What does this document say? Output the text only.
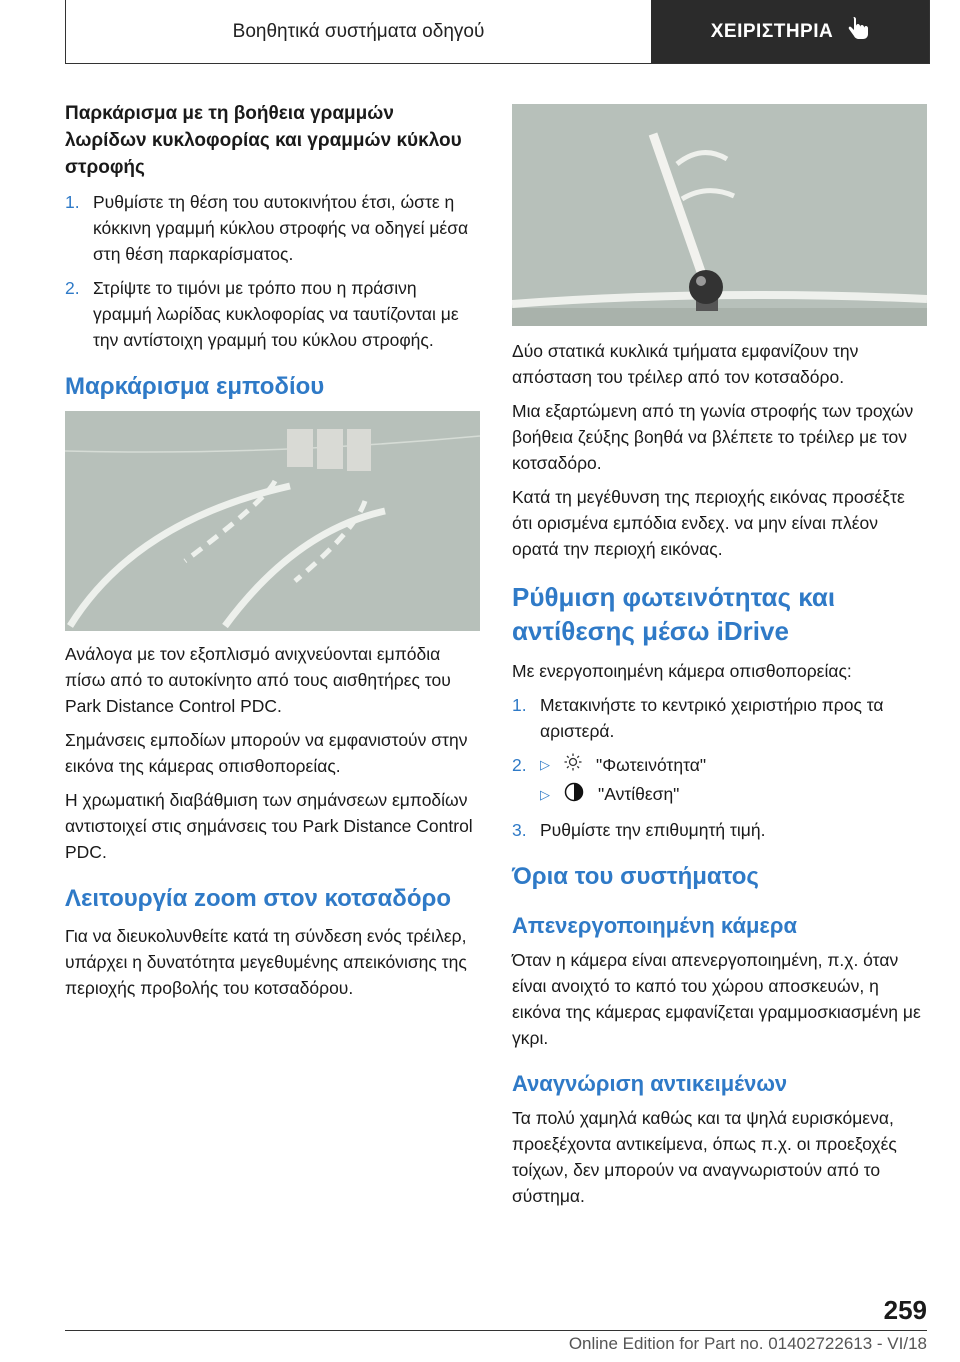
Βοηθητικά συστήματα οδηγού	ΧΕΙΡΙΣΤΗΡΙΑ
Παρκάρισμα με τη βοήθεια γραμμών λωρίδων κυκλοφορίας και γραμμών κύκλου στροφής
1. Ρυθμίστε τη θέση του αυτοκινήτου έτσι, ώστε η κόκκινη γραμμή κύκλου στροφής να οδηγεί μέσα στη θέση παρκαρίσματος.
2. Στρίψτε το τιμόνι με τρόπο που η πράσινη γραμμή λωρίδας κυκλοφορίας να ταυτίζονται με την αντίστοιχη γραμμή του κύκλου στροφής.
Μαρκάρισμα εμποδίου

Ανάλογα με τον εξοπλισμό ανιχνεύονται εμπόδια πίσω από το αυτοκίνητο από τους αισθητήρες του Park Distance Control PDC.

Σημάνσεις εμποδίων μπορούν να εμφανιστούν στην εικόνα της κάμερας οπισθοπορείας.

Η χρωματική διαβάθμιση των σημάνσεων εμποδίων αντιστοιχεί στις σημάνσεις του Park Distance Control PDC.

Λειτουργία zoom στον κοτσαδόρο

Για να διευκολυνθείτε κατά τη σύνδεση ενός τρέιλερ, υπάρχει η δυνατότητα μεγεθυμένης απεικόνισης της περιοχής προβολής του κοτσαδόρου.

Δύο στατικά κυκλικά τμήματα εμφανίζουν την απόσταση του τρέιλερ από τον κοτσαδόρο.

Μια εξαρτώμενη από τη γωνία στροφής των τροχών βοήθεια ζεύξης βοηθά να βλέπετε το τρέιλερ με τον κοτσαδόρο.

Κατά τη μεγέθυνση της περιοχής εικόνας προσέξτε ότι ορισμένα εμπόδια ενδεχ. να μην είναι πλέον ορατά την περιοχή εικόνας.

Ρύθμιση φωτεινότητας και αντίθεσης μέσω iDrive

Με ενεργοποιημένη κάμερα οπισθοπορείας:

1. Μετακινήστε το κεντρικό χειριστήριο προς τα αριστερά.
2.	▷	"Φωτεινότητα"
▷	"Αντίθεση"
3. Ρυθμίστε την επιθυμητή τιμή.
Όρια του συστήματος
Απενεργοποιημένη κάμερα

Όταν η κάμερα είναι απενεργοποιημένη, π.χ. όταν είναι ανοιχτό το καπό του χώρου αποσκευών, η εικόνα της κάμερας εμφανίζεται γραμμοσκιασμένη με γκρι.

Αναγνώριση αντικειμένων

Τα πολύ χαμηλά καθώς και τα ψηλά ευρισκόμενα, προεξέχοντα αντικείμενα, όπως π.χ. οι προεξοχές τοίχων, δεν μπορούν να αναγνωριστούν από το σύστημα.

259
Online Edition for Part no. 01402722613 - VI/18
